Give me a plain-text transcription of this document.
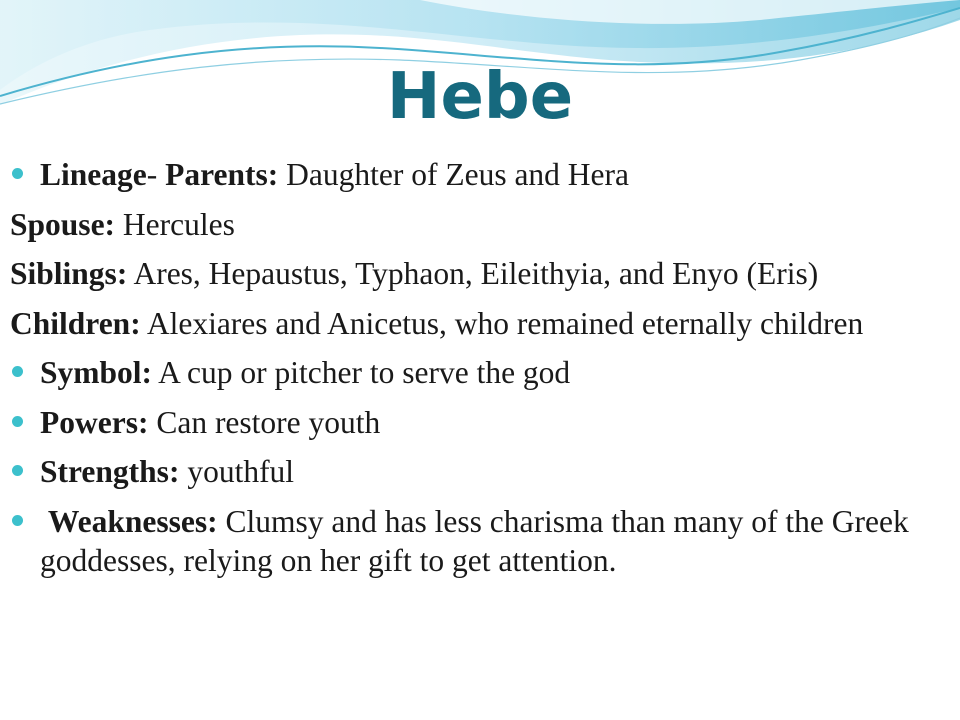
Hebe
Lineage- Parents: Daughter of Zeus and Hera
Spouse: Hercules
Siblings: Ares, Hepaustus, Typhaon, Eileithyia, and Enyo (Eris)
Children: Alexiares and Anicetus, who remained eternally children
Symbol: A cup or pitcher to serve the god
Powers: Can restore youth
Strengths: youthful
Weaknesses: Clumsy and has less charisma than many of the Greek goddesses, relying on her gift to get attention.
